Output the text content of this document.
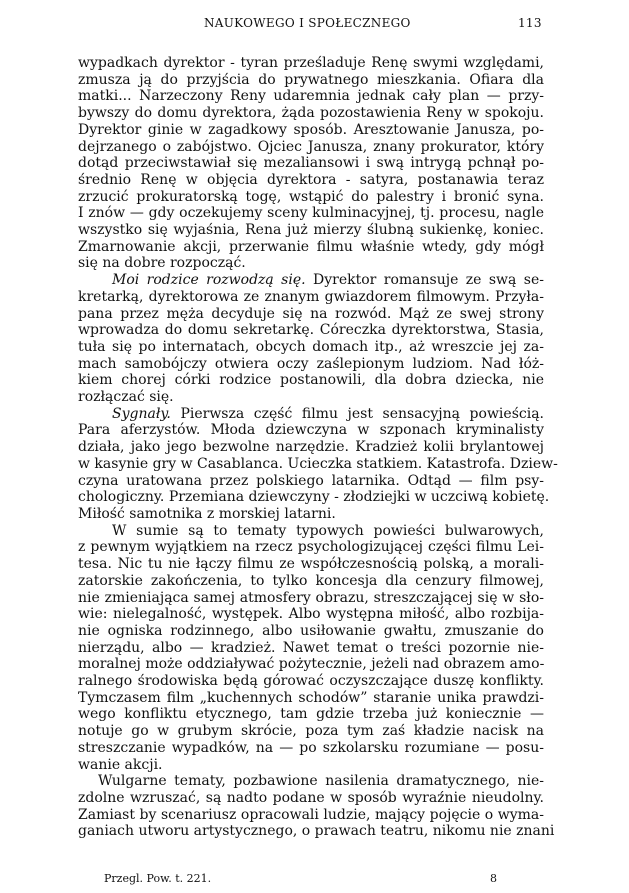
NAUKOWEGO I SPOŁECZNEGO	113
wypadkach dyrektor - tyran prześladuje Renę swymi względami,
zmusza ją do przyjścia do prywatnego mieszkania. Ofiara dla
matki... Narzeczony Reny udaremnia jednak cały plan — przy-
bywszy do domu dyrektora, żąda pozostawienia Reny w spokoju.
Dyrektor ginie w zagadkowy sposób. Aresztowanie Janusza, po-
dejrzanego o zabójstwo. Ojciec Janusza, znany prokurator, który
dotąd przeciwstawiał się mezaliansowi i swą intrygą pchnął po-
średnio Renę w objęcia dyrektora - satyra, postanawia teraz
zrzucić prokuratorską togę, wstąpić do palestry i bronić syna.
I znów — gdy oczekujemy sceny kulminacyjnej, tj. procesu, nagle
wszystko się wyjaśnia, Rena już mierzy ślubną sukienkę, koniec.
Zmarnowanie akcji, przerwanie filmu właśnie wtedy, gdy mógł
się na dobre rozpocząć.
Moi rodzice rozwodzą się. Dyrektor romansuje ze swą se-
kretarką, dyrektorowa ze znanym gwiazdorem filmowym. Przyła-
pana przez męża decyduje się na rozwód. Mąż ze swej strony
wprowadza do domu sekretarkę. Córeczka dyrektorstwa, Stasia,
tuła się po internatach, obcych domach itp., aż wreszcie jej za-
mach samobójczy otwiera oczy zaślepionym ludziom. Nad łóż-
kiem chorej córki rodzice postanowili, dla dobra dziecka, nie
rozłączać się.
Sygnały. Pierwsza część filmu jest sensacyjną powieścią.
Para aferzystów. Młoda dziewczyna w szponach kryminalisty
działa, jako jego bezwolne narzędzie. Kradzież kolii brylantowej
w kasynie gry w Casablanca. Ucieczka statkiem. Katastrofa. Dziew-
czyna uratowana przez polskiego latarnika. Odtąd — film psy-
chologiczny. Przemiana dziewczyny - złodziejki w uczciwą kobietę.
Miłość samotnika z morskiej latarni.
W sumie są to tematy typowych powieści bulwarowych,
z pewnym wyjątkiem na rzecz psychologizującej części filmu Lei-
tesa. Nic tu nie łączy filmu ze współczesnością polską, a morali-
zatorskie zakończenia, to tylko koncesja dla cenzury filmowej,
nie zmieniająca samej atmosfery obrazu, streszczającej się w sło-
wie: nielegalność, występek. Albo występna miłość, albo rozbija-
nie ogniska rodzinnego, albo usiłowanie gwałtu, zmuszanie do
nierządu, albo — kradzież. Nawet temat o treści pozornie nie-
moralnej może oddziaływać pożytecznie, jeżeli nad obrazem amo-
ralnego środowiska będą górować oczyszczające duszę konflikty.
Tymczasem film „kuchennych schodów” staranie unika prawdzi-
wego konfliktu etycznego, tam gdzie trzeba już koniecznie —
notuje go w grubym skrócie, poza tym zaś kładzie nacisk na
streszczanie wypadków, na — po szkolarsku rozumiane — posu-
wanie akcji.
Wulgarne tematy, pozbawione nasilenia dramatycznego, nie-
zdolne wzruszać, są nadto podane w sposób wyraźnie nieudolny.
Zamiast by scenariusz opracowali ludzie, mający pojęcie o wyma-
ganiach utworu artystycznego, o prawach teatru, nikomu nie znani
Przegl. Pow. t. 221.	8
